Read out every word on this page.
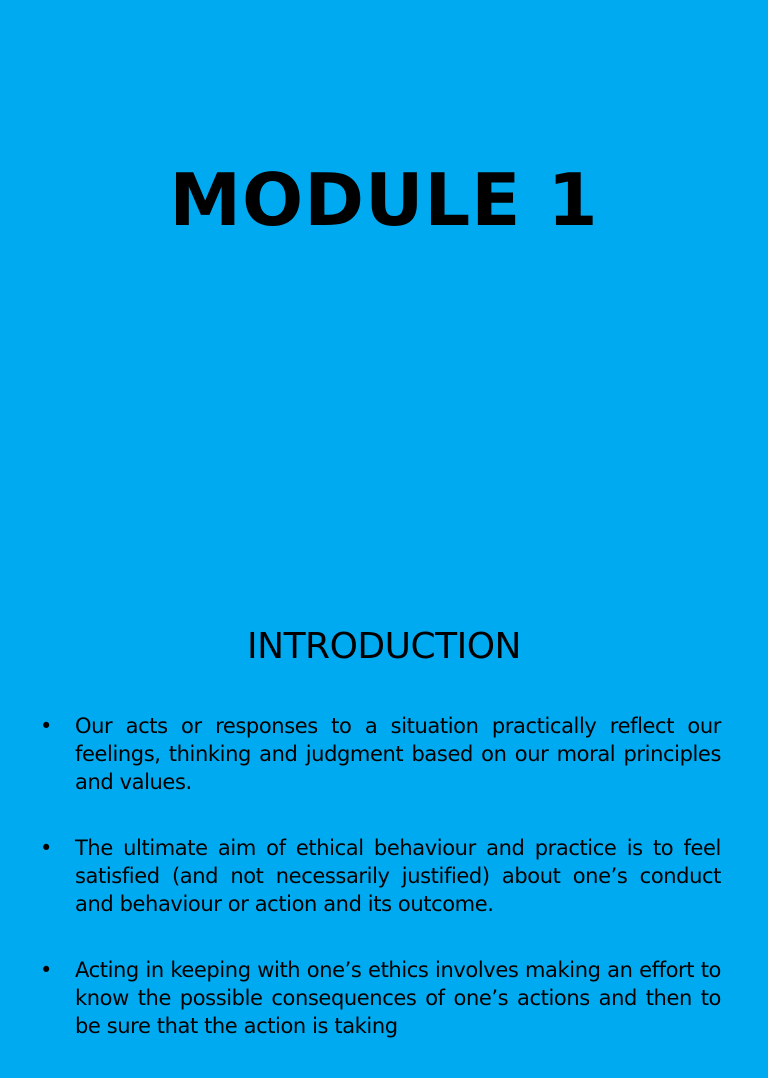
MODULE 1
INTRODUCTION
• Our acts or responses to a situation practically reflect our feelings, thinking and judgment based on our moral principles and values.
• The ultimate aim of ethical behaviour and practice is to feel satisfied (and not necessarily justified) about one’s conduct and behaviour or action and its outcome.
• Acting in keeping with one’s ethics involves making an effort to know the possible consequences of one’s actions and then to be sure that the action is taking
